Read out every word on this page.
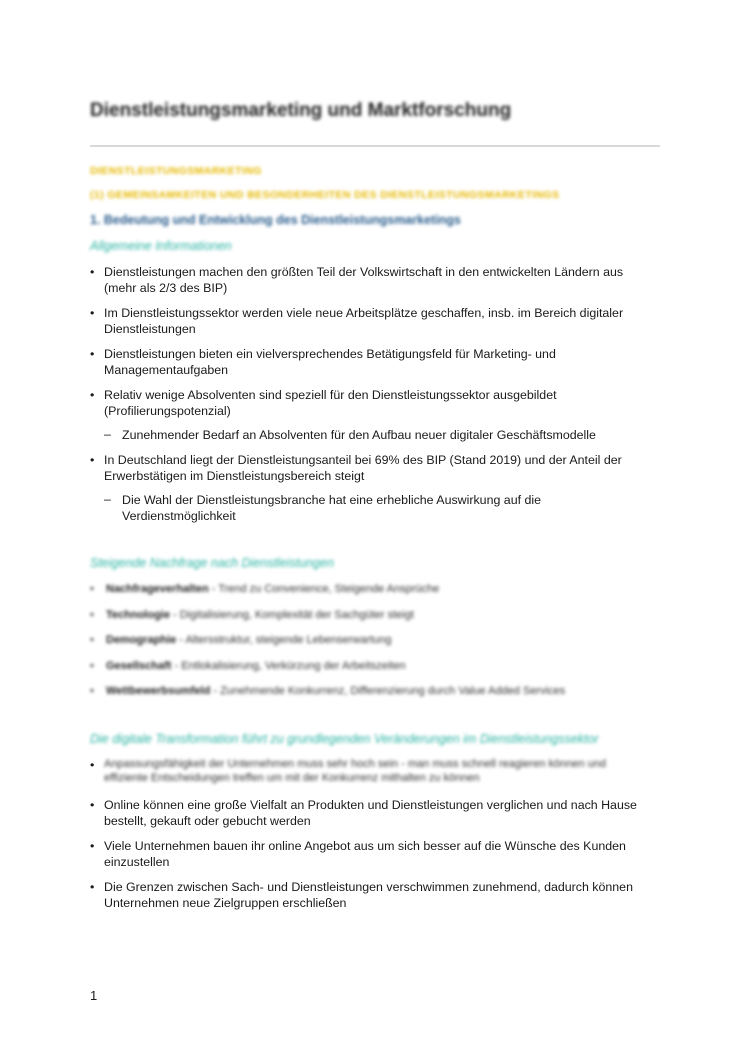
Dienstleistungsmarketing und Marktforschung
DIENSTLEISTUNGSMARKETING
(1) GEMEINSAMKEITEN UND BESONDERHEITEN DES DIENSTLEISTUNGSMARKETINGS
1. Bedeutung und Entwicklung des Dienstleistungsmarketings
Allgemeine Informationen
• Dienstleistungen machen den größten Teil der Volkswirtschaft in den entwickelten Ländern aus (mehr als 2/3 des BIP)
• Im Dienstleistungssektor werden viele neue Arbeitsplätze geschaffen, insb. im Bereich digitaler Dienstleistungen
• Dienstleistungen bieten ein vielversprechendes Betätigungsfeld für Marketing- und Managementaufgaben
• Relativ wenige Absolventen sind speziell für den Dienstleistungssektor ausgebildet (Profilierungspotenzial)
– Zunehmender Bedarf an Absolventen für den Aufbau neuer digitaler Geschäftsmodelle
• In Deutschland liegt der Dienstleistungsanteil bei 69% des BIP (Stand 2019) und der Anteil der Erwerbstätigen im Dienstleistungsbereich steigt
– Die Wahl der Dienstleistungsbranche hat eine erhebliche Auswirkung auf die Verdienstmöglichkeit
Steigende Nachfrage nach Dienstleistungen
• Nachfrageverhalten - Trend zu Convenience, Steigende Ansprüche
• Technologie - Digitalisierung, Komplexität der Sachgüter steigt
• Demographie - Altersstruktur, steigende Lebenserwartung
• Gesellschaft - Entlokalisierung, Verkürzung der Arbeitszeiten
• Wettbewerbsumfeld - Zunehmende Konkurrenz, Differenzierung durch Value Added Services
Die digitale Transformation führt zu grundlegenden Veränderungen im Dienstleistungssektor
• Anpassungsfähigkeit der Unternehmen muss sehr hoch sein - man muss schnell reagieren können und effiziente Entscheidungen treffen um mit der Konkurrenz mithalten zu können
• Online können eine große Vielfalt an Produkten und Dienstleistungen verglichen und nach Hause bestellt, gekauft oder gebucht werden
• Viele Unternehmen bauen ihr online Angebot aus um sich besser auf die Wünsche des Kunden einzustellen
• Die Grenzen zwischen Sach- und Dienstleistungen verschwimmen zunehmend, dadurch können Unternehmen neue Zielgruppen erschließen
1
